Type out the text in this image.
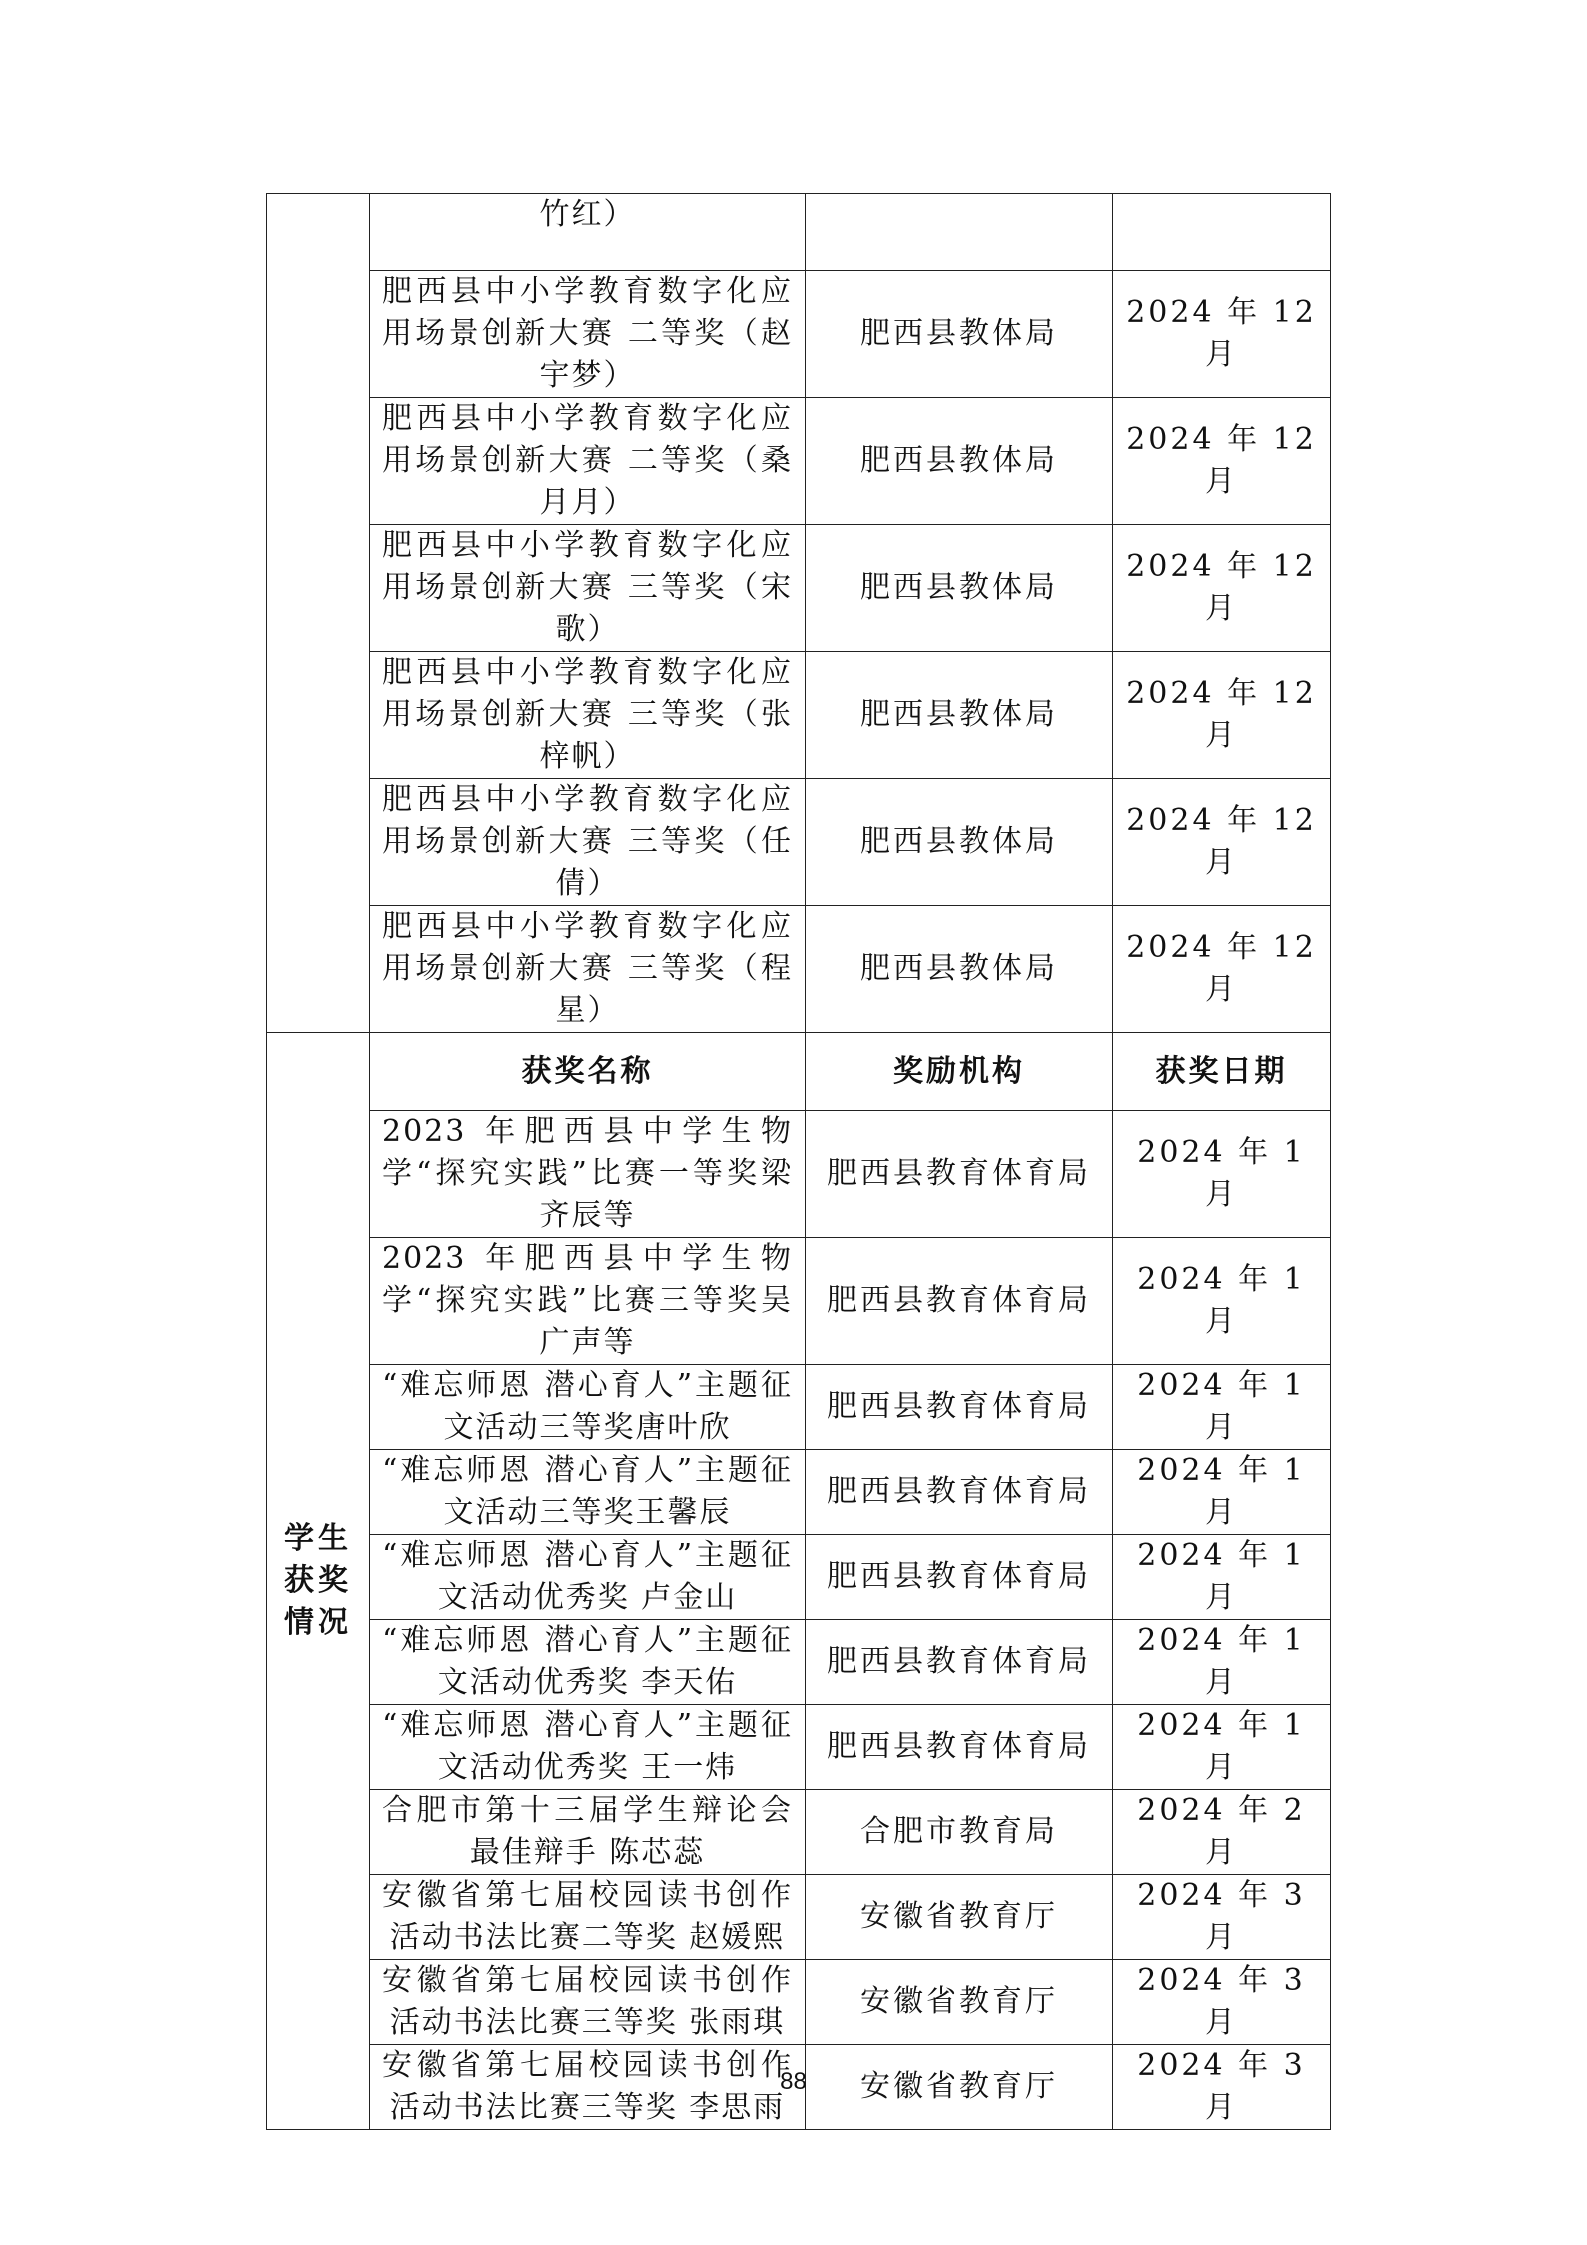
	竹红）		
	肥西县中小学教育数字化应用场景创新大赛 二等奖（赵宇梦）	肥西县教体局	2024 年 12 月
	肥西县中小学教育数字化应用场景创新大赛 二等奖（桑月月）	肥西县教体局	2024 年 12 月
	肥西县中小学教育数字化应用场景创新大赛 三等奖（宋歌）	肥西县教体局	2024 年 12 月
	肥西县中小学教育数字化应用场景创新大赛 三等奖（张梓帆）	肥西县教体局	2024 年 12 月
	肥西县中小学教育数字化应用场景创新大赛 三等奖（任倩）	肥西县教体局	2024 年 12 月
	肥西县中小学教育数字化应用场景创新大赛 三等奖（程星）	肥西县教体局	2024 年 12 月
学生获奖情况	获奖名称	奖励机构	获奖日期
	2023 年肥西县中学生物学“探究实践”比赛一等奖梁齐辰等	肥西县教育体育局	2024 年 1 月
	2023 年肥西县中学生物学“探究实践”比赛三等奖吴广声等	肥西县教育体育局	2024 年 1 月
	“难忘师恩 潜心育人”主题征文活动三等奖唐叶欣	肥西县教育体育局	2024 年 1 月
	“难忘师恩 潜心育人”主题征文活动三等奖王馨辰	肥西县教育体育局	2024 年 1 月
	“难忘师恩 潜心育人”主题征文活动优秀奖 卢金山	肥西县教育体育局	2024 年 1 月
	“难忘师恩 潜心育人”主题征文活动优秀奖 李天佑	肥西县教育体育局	2024 年 1 月
	“难忘师恩 潜心育人”主题征文活动优秀奖 王一炜	肥西县教育体育局	2024 年 1 月
	合肥市第十三届学生辩论会最佳辩手 陈芯蕊	合肥市教育局	2024 年 2 月
	安徽省第七届校园读书创作活动书法比赛二等奖 赵媛熙	安徽省教育厅	2024 年 3 月
	安徽省第七届校园读书创作活动书法比赛三等奖 张雨琪	安徽省教育厅	2024 年 3 月
	安徽省第七届校园读书创作活动书法比赛三等奖 李思雨	安徽省教育厅	2024 年 3 月
88
